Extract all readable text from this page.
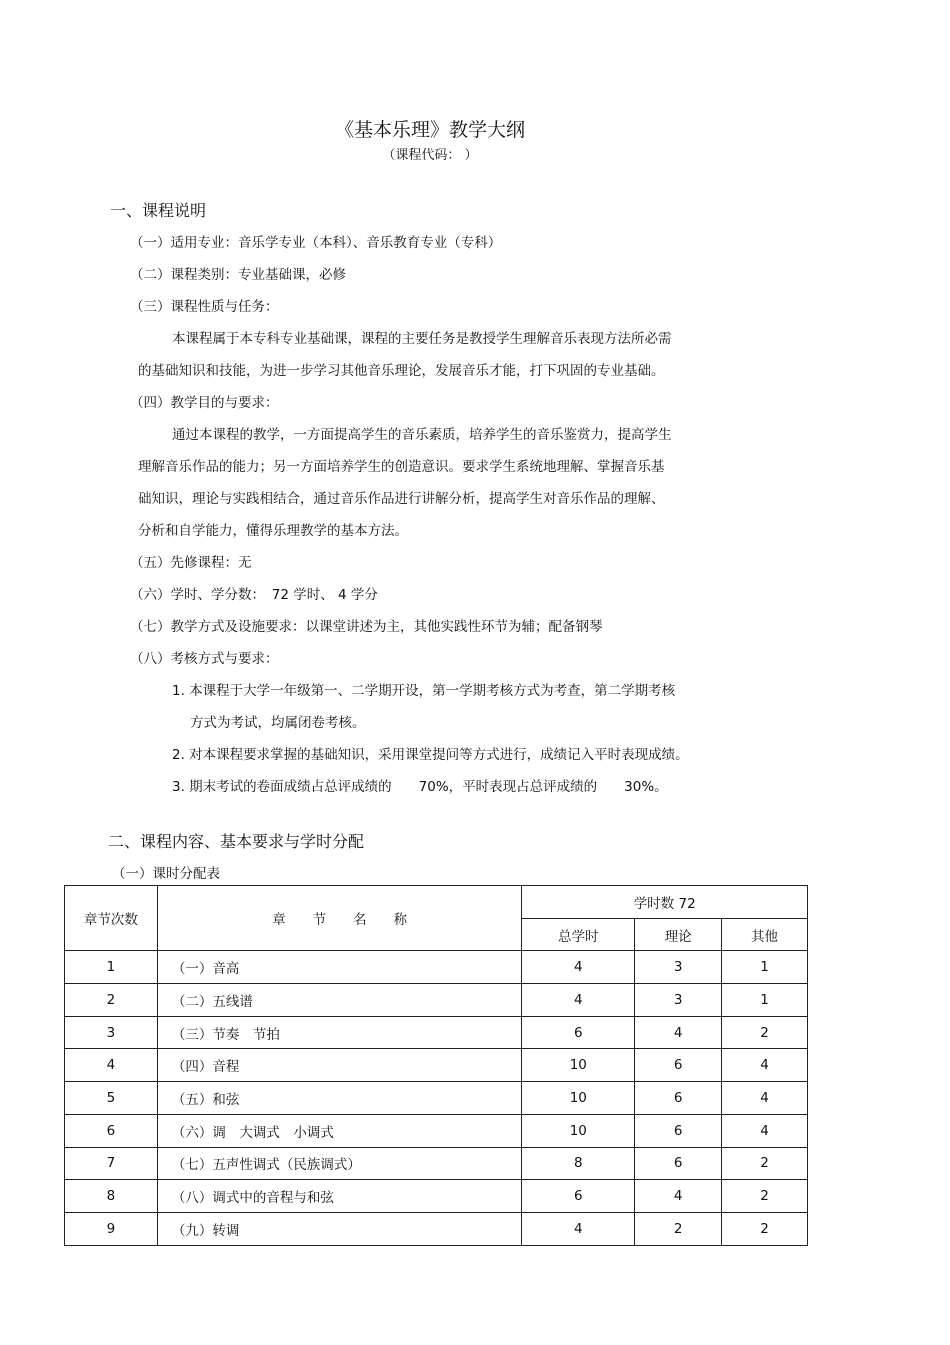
《基本乐理》教学大纲
（课程代码： ）
一、课程说明
（一）适用专业：音乐学专业（本科）、音乐教育专业（专科）
（二）课程类别：专业基础课，必修
（三）课程性质与任务：
本课程属于本专科专业基础课，课程的主要任务是教授学生理解音乐表现方法所必需
的基础知识和技能，为进一步学习其他音乐理论，发展音乐才能，打下巩固的专业基础。
（四）教学目的与要求：
通过本课程的教学，一方面提高学生的音乐素质，培养学生的音乐鉴赏力，提高学生
理解音乐作品的能力；另一方面培养学生的创造意识。要求学生系统地理解、掌握音乐基
础知识，理论与实践相结合，通过音乐作品进行讲解分析，提高学生对音乐作品的理解、
分析和自学能力，懂得乐理教学的基本方法。
（五）先修课程：无
（六）学时、学分数：　72 学时、 4 学分
（七）教学方式及设施要求：以课堂讲述为主，其他实践性环节为辅；配备钢琴
（八）考核方式与要求：
1. 本课程于大学一年级第一、二学期开设，第一学期考核方式为考查，第二学期考核
方式为考试，均属闭卷考核。
2. 对本课程要求掌握的基础知识，采用课堂提问等方式进行，成绩记入平时表现成绩。
3. 期末考试的卷面成绩占总评成绩的　　70%，平时表现占总评成绩的　　30%。
二、课程内容、基本要求与学时分配
（一）课时分配表
章节次数	章　　节　　名　　称	学时数 72		
		总学时	理论	其他
1	（一）音高	4	3	1
2	（二）五线谱	4	3	1
3	（三）节奏　节拍	6	4	2
4	（四）音程	10	6	4
5	（五）和弦	10	6	4
6	（六）调　大调式　小调式	10	6	4
7	（七）五声性调式（民族调式）	8	6	2
8	（八）调式中的音程与和弦	6	4	2
9	（九）转调	4	2	2
